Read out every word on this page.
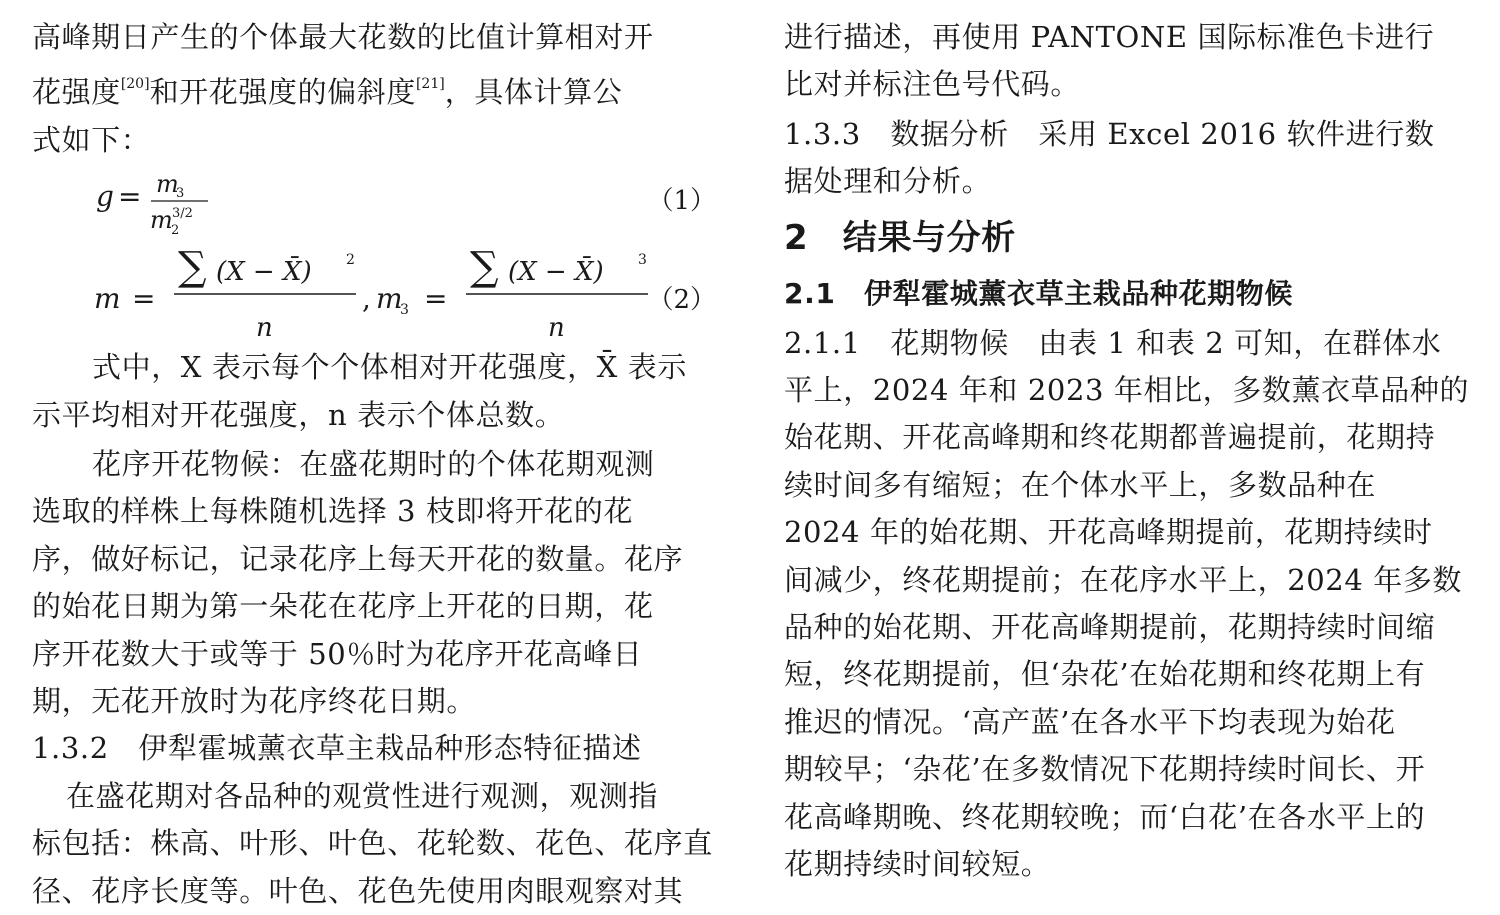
高峰期日产生的个体最大花数的比值计算相对开
花强度[20]和开花强度的偏斜度[21]，具体计算公
式如下：

g = m
3
m
2
3/2	（1）
m =
∑ (X − X̄) 2
n
, m
3 =
∑ (X − X̄) 3
n
（2）

式中，X 表示每个个体相对开花强度，X̄ 表示
示平均相对开花强度，n 表示个体总数。

花序开花物候：在盛花期时的个体花期观测
选取的样株上每株随机选择 3 枝即将开花的花
序，做好标记，记录花序上每天开花的数量。花序
的始花日期为第一朵花在花序上开花的日期，花
序开花数大于或等于 50％时为花序开花高峰日
期，无花开放时为花序终花日期。

1.3.2　伊犁霍城薰衣草主栽品种形态特征描述

在盛花期对各品种的观赏性进行观测，观测指
标包括：株高、叶形、叶色、花轮数、花色、花序直
径、花序长度等。叶色、花色先使用肉眼观察对其

进行描述，再使用 PANTONE 国际标准色卡进行
比对并标注色号代码。

1.3.3　数据分析　采用 Excel 2016 软件进行数
据处理和分析。

2　结果与分析

2.1　伊犁霍城薰衣草主栽品种花期物候

2.1.1　花期物候　由表 1 和表 2 可知，在群体水
平上，2024 年和 2023 年相比，多数薰衣草品种的
始花期、开花高峰期和终花期都普遍提前，花期持
续时间多有缩短；在个体水平上，多数品种在
2024 年的始花期、开花高峰期提前，花期持续时
间减少，终花期提前；在花序水平上，2024 年多数
品种的始花期、开花高峰期提前，花期持续时间缩
短，终花期提前，但‘杂花’在始花期和终花期上有
推迟的情况。‘高产蓝’在各水平下均表现为始花
期较早；‘杂花’在多数情况下花期持续时间长、开
花高峰期晚、终花期较晚；而‘白花’在各水平上的
花期持续时间较短。
